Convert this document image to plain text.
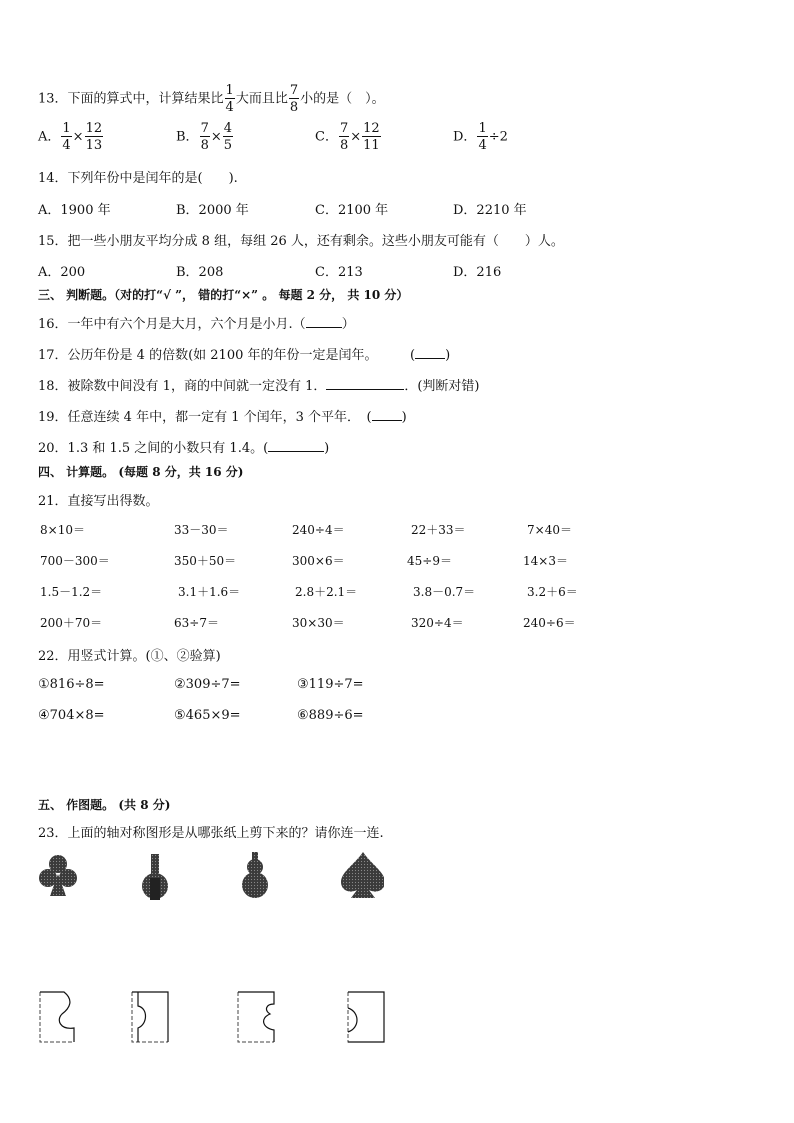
13．下面的算式中，计算结果比 $\frac{1}{4}$ 大而且比 $\frac{7}{8}$ 小的是（　）。
A． $\frac{1}{4} \times \frac{12}{13}$	B． $\frac{7}{8} \times \frac{4}{5}$	C． $\frac{7}{8} \times \frac{12}{11}$	D． $\frac{1}{4} \div 2$
14．下列年份中是闰年的是(　　).
A．1900 年	B．2000 年	C．2100 年	D．2210 年
15．把一些小朋友平均分成 8 组，每组 26 人，还有剩余。这些小朋友可能有（　　）人。
A．200	B．208	C．213	D．216
三、 判断题。（对的打“√ ”， 错的打“×” 。 每题 2 分， 共 10 分）
16．一年中有六个月是大月，六个月是小月.（	）
17．公历年份是 4 的倍数(如 2100 年的年份一定是闰年。　　　( )
18．被除数中间没有 1，商的中间就一定没有 1．	．(判断对错)
19．任意连续 4 年中，都一定有 1 个闰年，3 个平年．　( )
20．1.3 和 1.5 之间的小数只有 1.4。(	)
四、 计算题。 (每题 8 分，共 16 分)
21．直接写出得数。
8×10＝	33－30＝	240÷4＝	22＋33＝	7×40＝
700－300＝	350＋50＝	300×6＝	45÷9＝	14×3＝
1.5－1.2＝	3.1＋1.6＝	2.8＋2.1＝	3.8－0.7＝	3.2＋6＝
200＋70＝	63÷7＝	30×30＝	320÷4＝	240÷6＝
22．用竖式计算。(①、②验算)
①816÷8=	②309÷7=	③119÷7=
④704×8=	⑤465×9=	⑥889÷6=
五、 作图题。 (共 8 分)
23．上面的轴对称图形是从哪张纸上剪下来的？请你连一连.
